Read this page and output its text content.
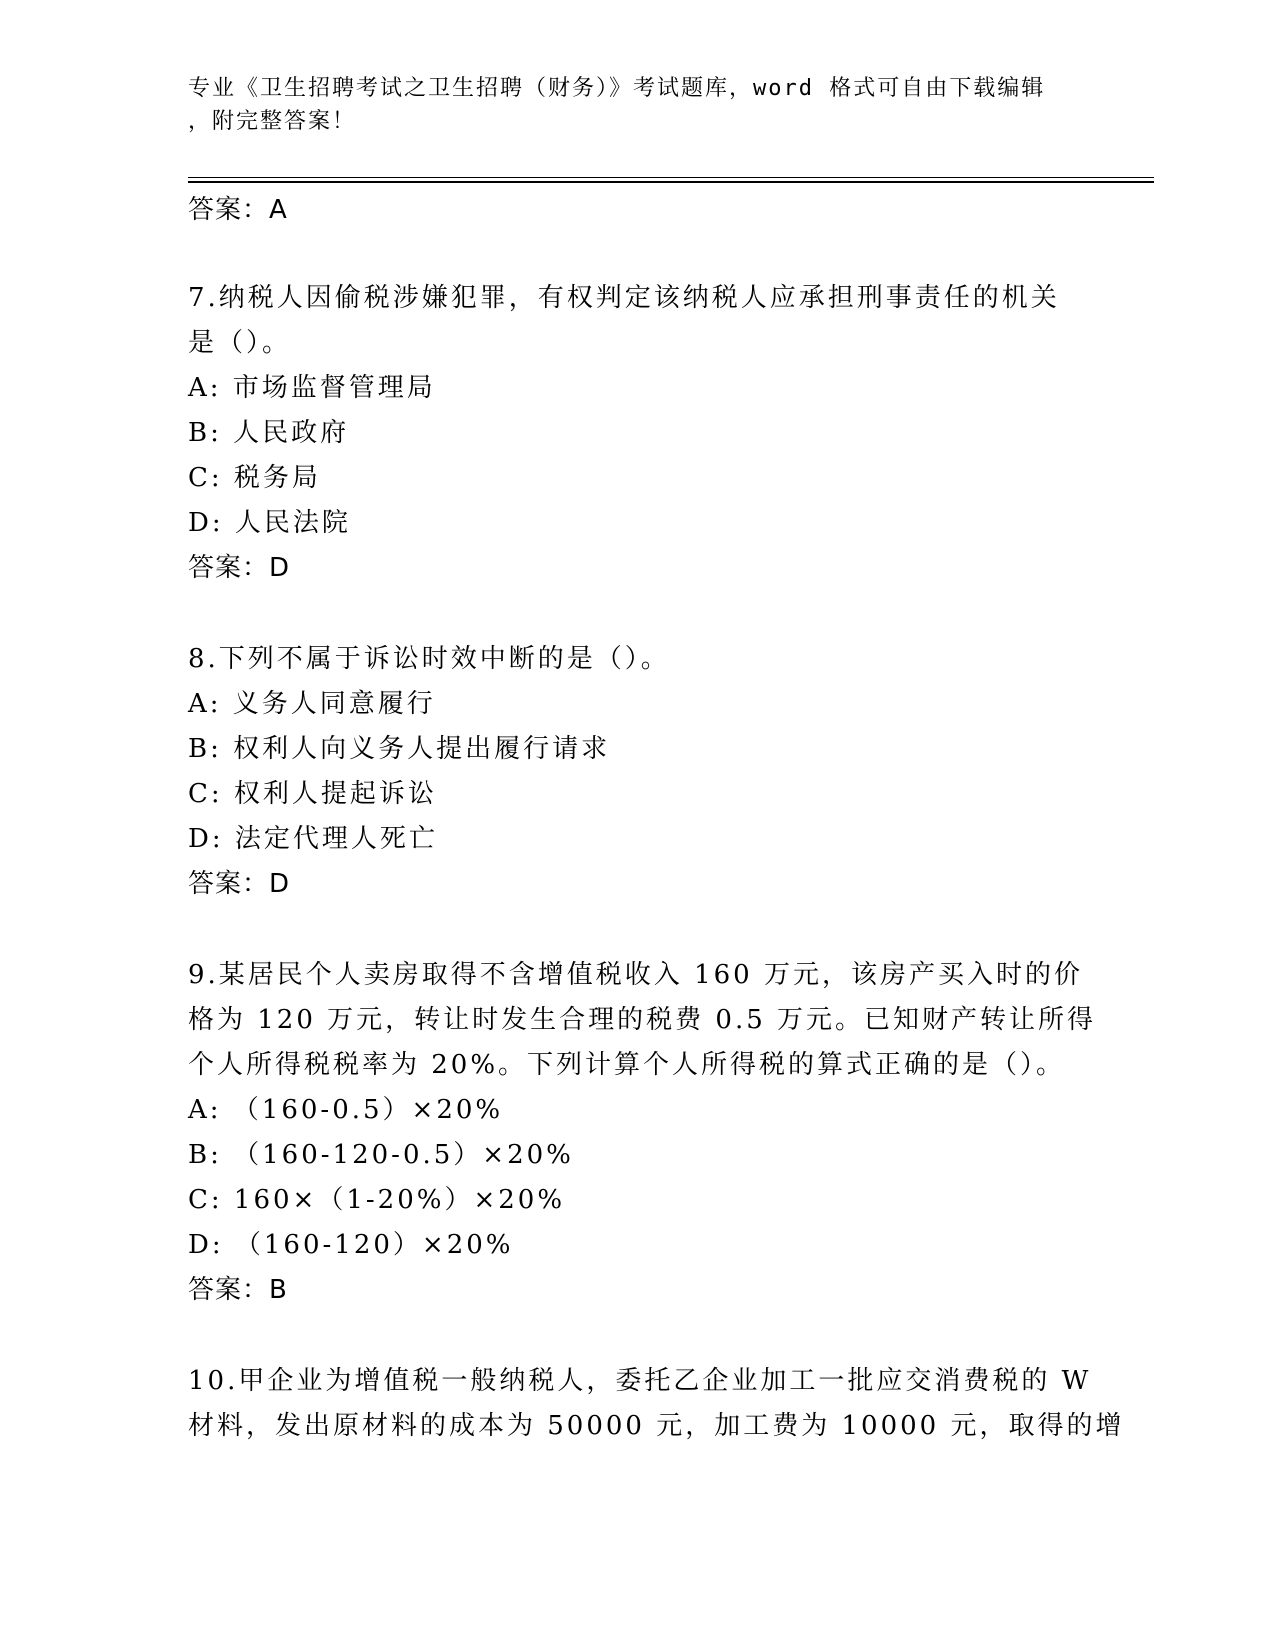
专业《卫生招聘考试之卫生招聘（财务）》考试题库，word 格式可自由下载编辑
，附完整答案！
答案：A
7.纳税人因偷税涉嫌犯罪，有权判定该纳税人应承担刑事责任的机关
是（）。
A: 市场监督管理局
B: 人民政府
C: 税务局
D: 人民法院
答案：D
8.下列不属于诉讼时效中断的是（）。
A: 义务人同意履行
B: 权利人向义务人提出履行请求
C: 权利人提起诉讼
D: 法定代理人死亡
答案：D
9.某居民个人卖房取得不含增值税收入 160 万元，该房产买入时的价
格为 120 万元，转让时发生合理的税费 0.5 万元。已知财产转让所得
个人所得税税率为 20%。下列计算个人所得税的算式正确的是（）。
A: （160-0.5）×20%
B: （160-120-0.5）×20%
C: 160×（1-20%）×20%
D: （160-120）×20%
答案：B
10.甲企业为增值税一般纳税人，委托乙企业加工一批应交消费税的 W
材料，发出原材料的成本为 50000 元，加工费为 10000 元，取得的增
